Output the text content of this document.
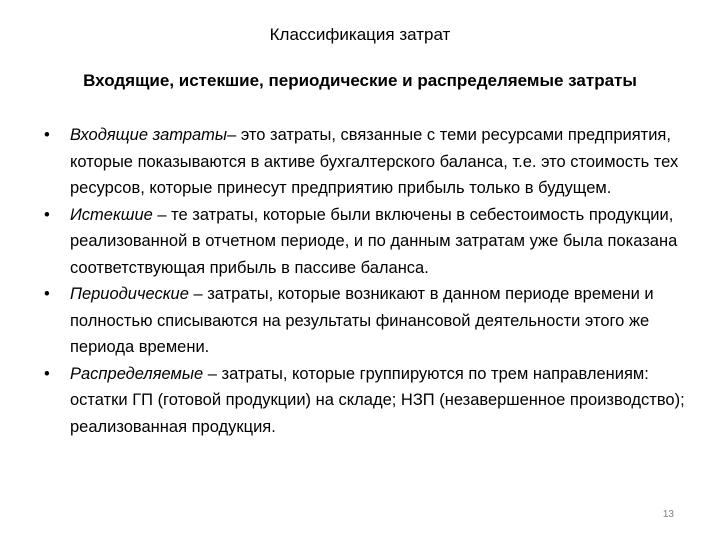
Классификация затрат
Входящие, истекшие, периодические и распределяемые затраты
•	Входящие затраты– это затраты, связанные с теми ресурсами предприятия, которые показываются в активе бухгалтерского баланса, т.е. это стоимость тех ресурсов, которые принесут предприятию прибыль только в будущем.
•	Истекшие – те затраты, которые были включены в себестоимость продукции, реализованной в отчетном периоде, и по данным затратам уже была показана соответствующая прибыль в пассиве баланса.
•	Периодические – затраты, которые возникают в данном периоде времени и полностью списываются на результаты финансовой деятельности этого же периода времени.
•	Распределяемые – затраты, которые группируются по трем направлениям: остатки ГП (готовой продукции) на складе; НЗП (незавершенное производство); реализованная продукция.
13
